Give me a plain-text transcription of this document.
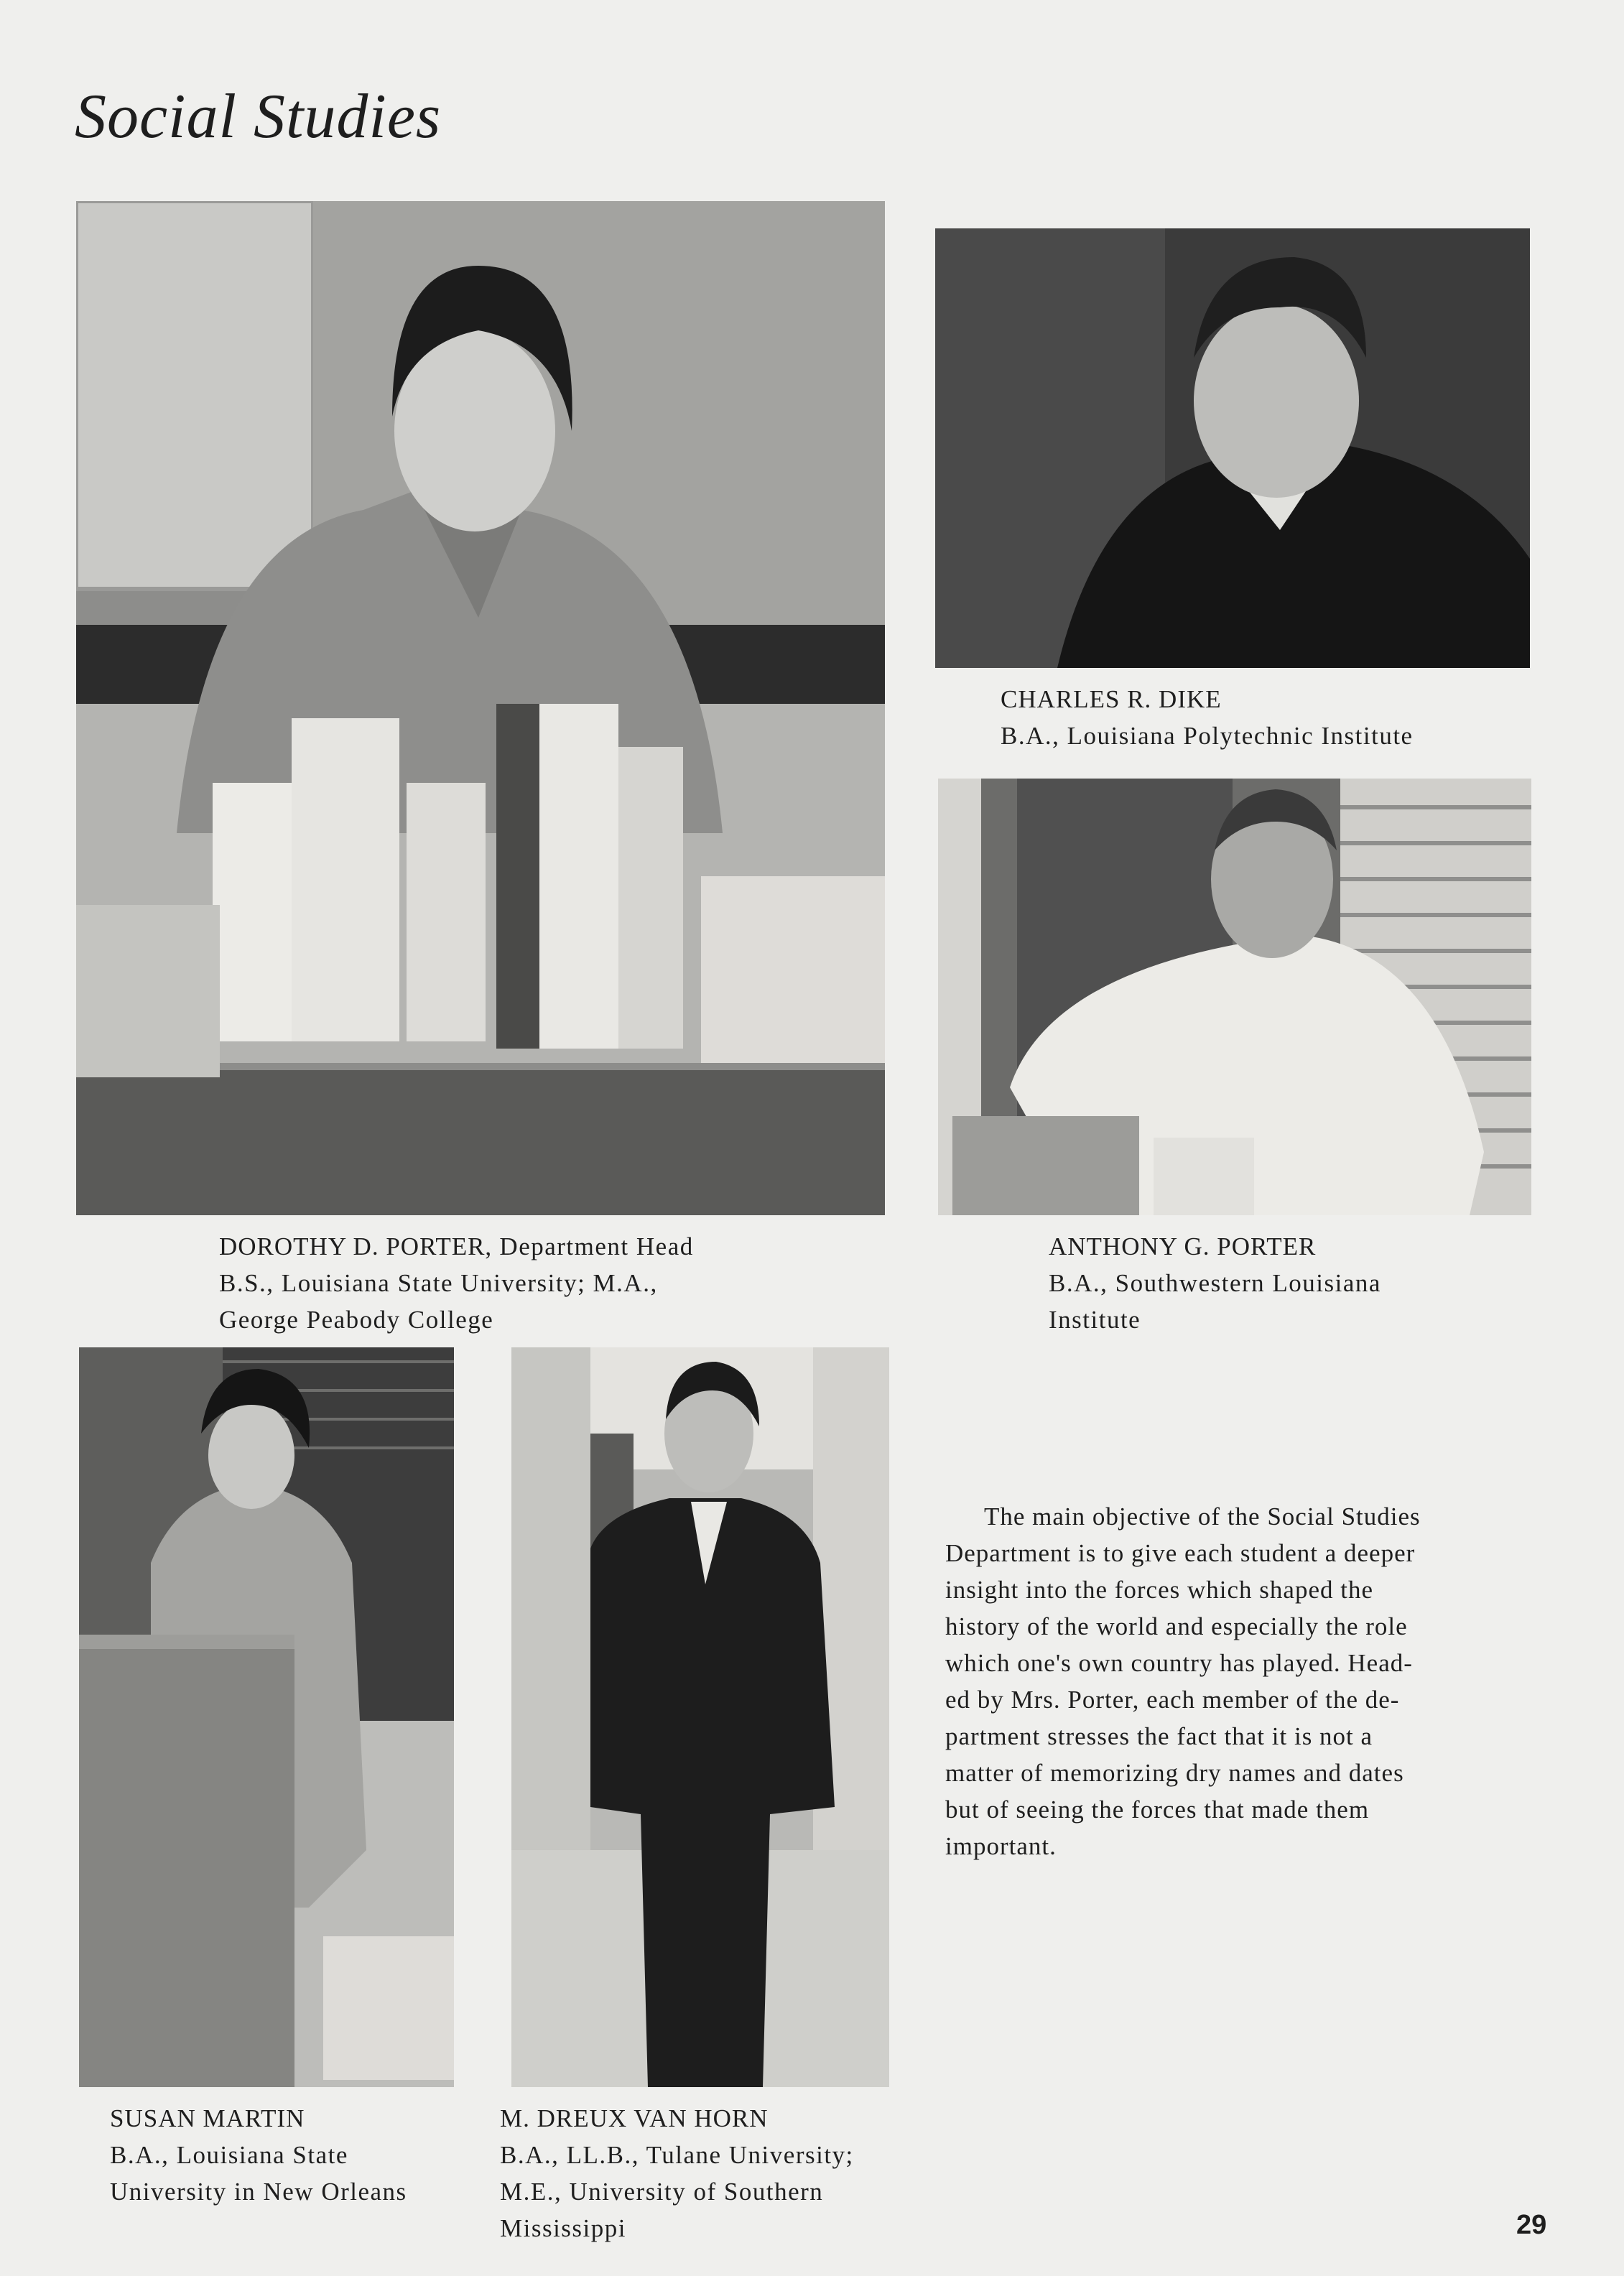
Social Studies
DOROTHY D. PORTER, Department Head
B.S., Louisiana State University; M.A.,
George Peabody College
CHARLES R. DIKE
B.A., Louisiana Polytechnic Institute
ANTHONY G. PORTER
B.A., Southwestern Louisiana
Institute
SUSAN MARTIN
B.A., Louisiana State
University in New Orleans
M. DREUX VAN HORN
B.A., LL.B., Tulane University;
M.E., University of Southern
Mississippi
The main objective of the Social Studies
Department is to give each student a deeper
insight into the forces which shaped the
history of the world and especially the role
which one's own country has played. Head-
ed by Mrs. Porter, each member of the de-
partment stresses the fact that it is not a
matter of memorizing dry names and dates
but of seeing the forces that made them
important.
29
